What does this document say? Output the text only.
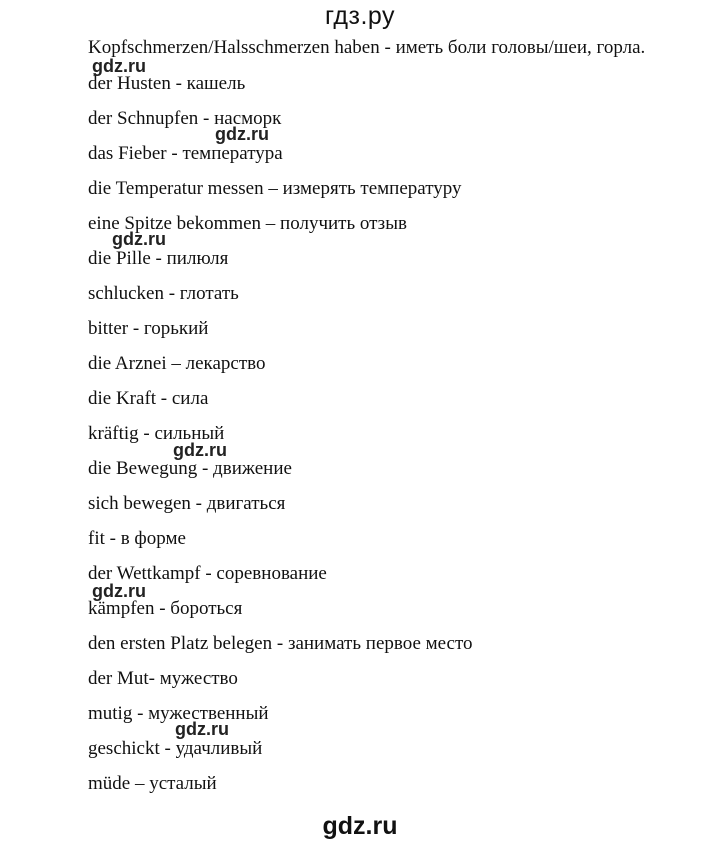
гдз.ру
Kopfschmerzen/Halsschmerzen haben - иметь боли головы/шеи, горла.
der Husten - кашель
der Schnupfen - насморк
das Fieber - температура
die Temperatur messen – измерять температуру
eine Spitze bekommen – получить отзыв
die Pille - пилюля
schlucken - глотать
bitter - горький
die Arznei – лекарство
die Kraft - сила
kräftig - сильный
die Bewegung - движение
sich bewegen - двигаться
fit - в форме
der Wettkampf - соревнование
kämpfen - бороться
den ersten Platz belegen - занимать первое место
der Mut- мужество
mutig - мужественный
geschickt - удачливый
müde – усталый
gdz.ru
gdz.ru
gdz.ru
gdz.ru
gdz.ru
gdz.ru
gdz.ru
